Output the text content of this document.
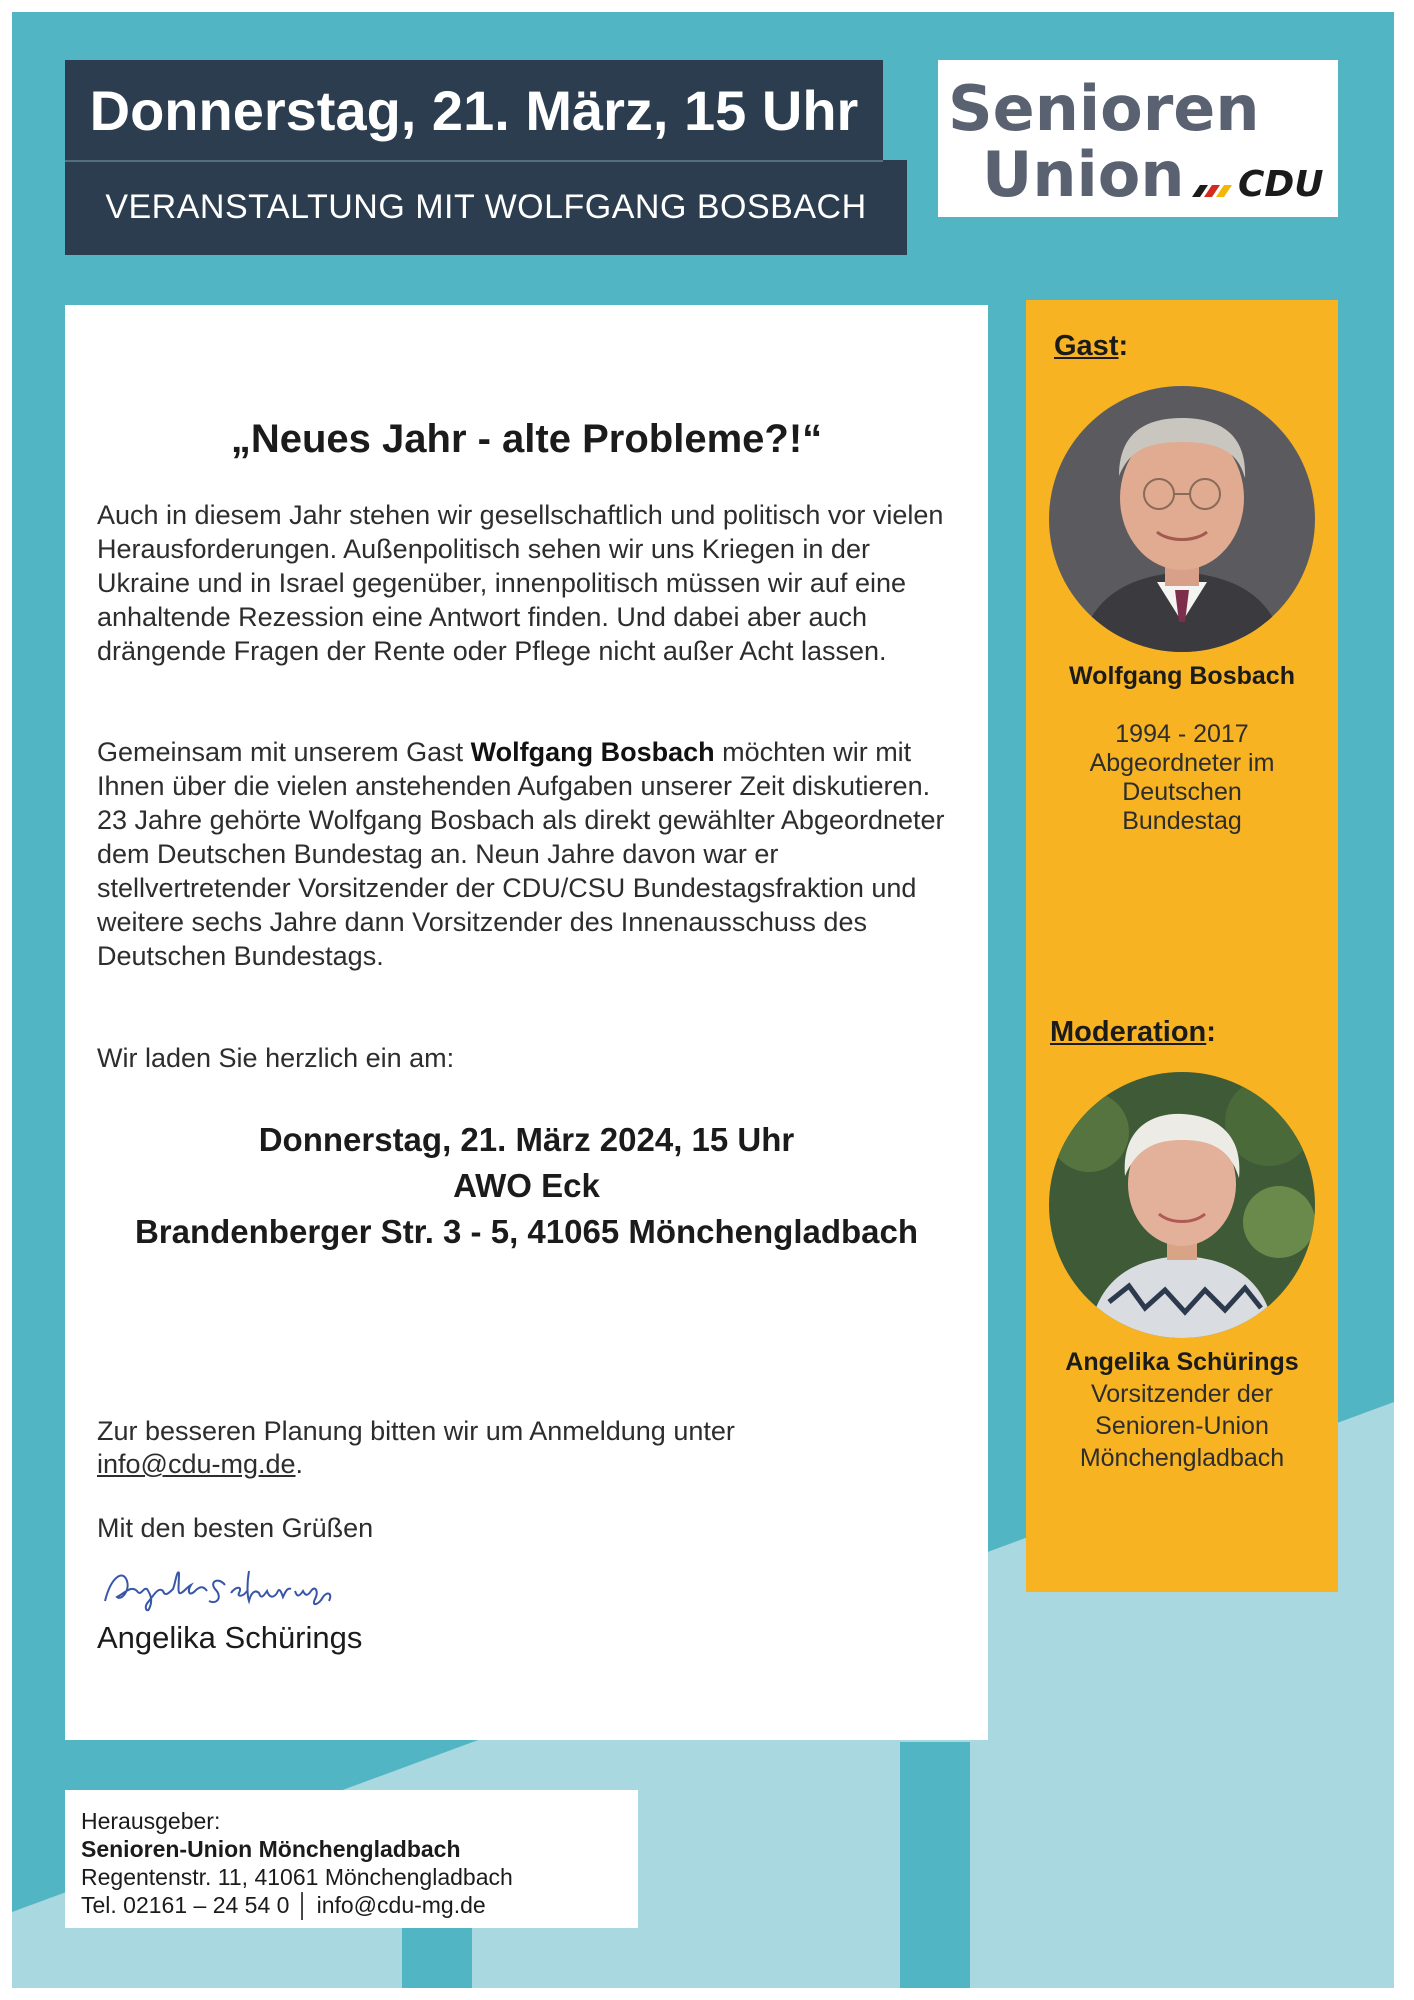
Donnerstag, 21. März, 15 Uhr
VERANSTALTUNG MIT WOLFGANG BOSBACH
Senioren
Union CDU
„Neues Jahr - alte Probleme?!“

Auch in diesem Jahr stehen wir gesellschaftlich und politisch vor vielen Herausforderungen. Außenpolitisch sehen wir uns Kriegen in der Ukraine und in Israel gegenüber, innenpolitisch müssen wir auf eine anhaltende Rezession eine Antwort finden. Und dabei aber auch drängende Fragen der Rente oder Pflege nicht außer Acht lassen.

Gemeinsam mit unserem Gast Wolfgang Bosbach möchten wir mit Ihnen über die vielen anstehenden Aufgaben unserer Zeit diskutieren. 23 Jahre gehörte Wolfgang Bosbach als direkt gewählter Abgeordneter dem Deutschen Bundestag an. Neun Jahre davon war er stellvertretender Vorsitzender der CDU/CSU Bundestagsfraktion und weitere sechs Jahre dann Vorsitzender des Innenausschuss des Deutschen Bundestags.

Wir laden Sie herzlich ein am:
Donnerstag, 21. März 2024, 15 Uhr
AWO Eck
Brandenberger Str. 3 - 5, 41065 Mönchengladbach
Zur besseren Planung bitten wir um Anmeldung unter
info@cdu-mg.de.
Mit den besten Grüßen
Angelika Schürings
Gast:
Wolfgang Bosbach
1994 - 2017
Abgeordneter im Deutschen Bundestag
Moderation:
Angelika Schürings
Vorsitzender der Senioren-Union Mönchengladbach
Herausgeber:
Senioren-Union Mönchengladbach
Regentenstr. 11, 41061 Mönchengladbach
Tel. 02161 – 24 54 0 │ info@cdu-mg.de
